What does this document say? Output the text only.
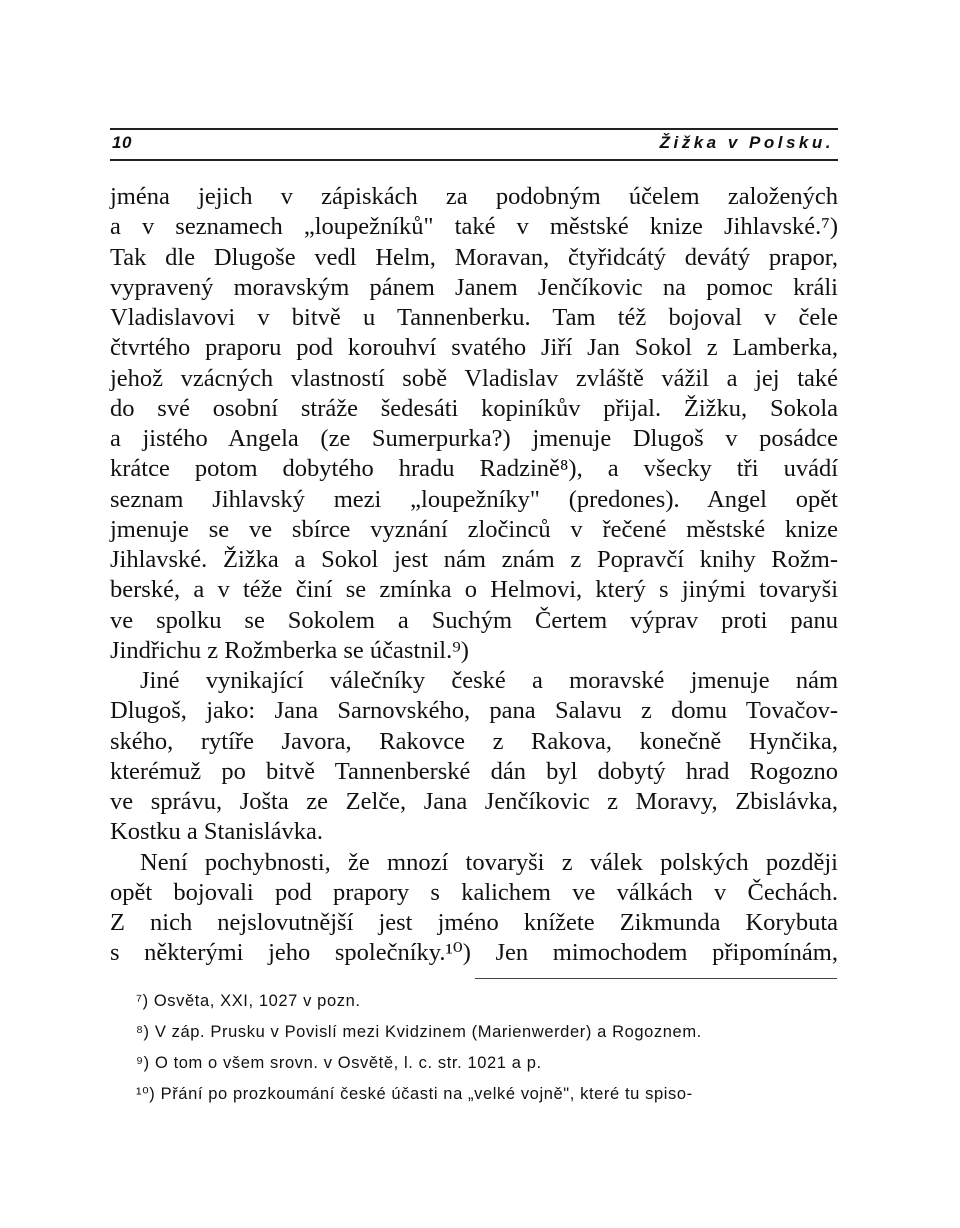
10	Žižka v Polsku.
jména jejich v zápiskách za podobným účelem založených
a v seznamech „loupežníků" také v městské knize Jihlavské.⁷)
Tak dle Dlugoše vedl Helm, Moravan, čtyřidcátý devátý prapor,
vypravený moravským pánem Janem Jenčíkovic na pomoc králi
Vladislavovi v bitvě u Tannenberku. Tam též bojoval v čele
čtvrtého praporu pod korouhví svatého Jiří Jan Sokol z Lamberka,
jehož vzácných vlastností sobě Vladislav zvláště vážil a jej také
do své osobní stráže šedesáti kopiníkův přijal. Žižku, Sokola
a jistého Angela (ze Sumerpurka?) jmenuje Dlugoš v posádce
krátce potom dobytého hradu Radzině⁸), a všecky tři uvádí
seznam Jihlavský mezi „loupežníky" (predones). Angel opět
jmenuje se ve sbírce vyznání zločinců v řečené městské knize
Jihlavské. Žižka a Sokol jest nám znám z Popravčí knihy Rožm-
berské, a v téže činí se zmínka o Helmovi, který s jinými tovaryši
ve spolku se Sokolem a Suchým Čertem výprav proti panu
Jindřichu z Rožmberka se účastnil.⁹)
Jiné vynikající válečníky české a moravské jmenuje nám
Dlugoš, jako: Jana Sarnovského, pana Salavu z domu Tovačov-
ského, rytíře Javora, Rakovce z Rakova, konečně Hynčika,
kterémuž po bitvě Tannenberské dán byl dobytý hrad Rogozno
ve správu, Jošta ze Zelče, Jana Jenčíkovic z Moravy, Zbislávka,
Kostku a Stanislávka.
Není pochybnosti, že mnozí tovaryši z válek polských později
opět bojovali pod prapory s kalichem ve válkách v Čechách.
Z nich nejslovutnější jest jméno knížete Zikmunda Korybuta
s některými jeho společníky.¹⁰) Jen mimochodem připomínám,
⁷) Osvěta, XXI, 1027 v pozn.
⁸) V záp. Prusku v Povislí mezi Kvidzinem (Marienwerder) a Rogoznem.
⁹) O tom o všem srovn. v Osvětě, l. c. str. 1021 a p.
¹⁰) Přání po prozkoumání české účasti na „velké vojně", které tu spiso-
